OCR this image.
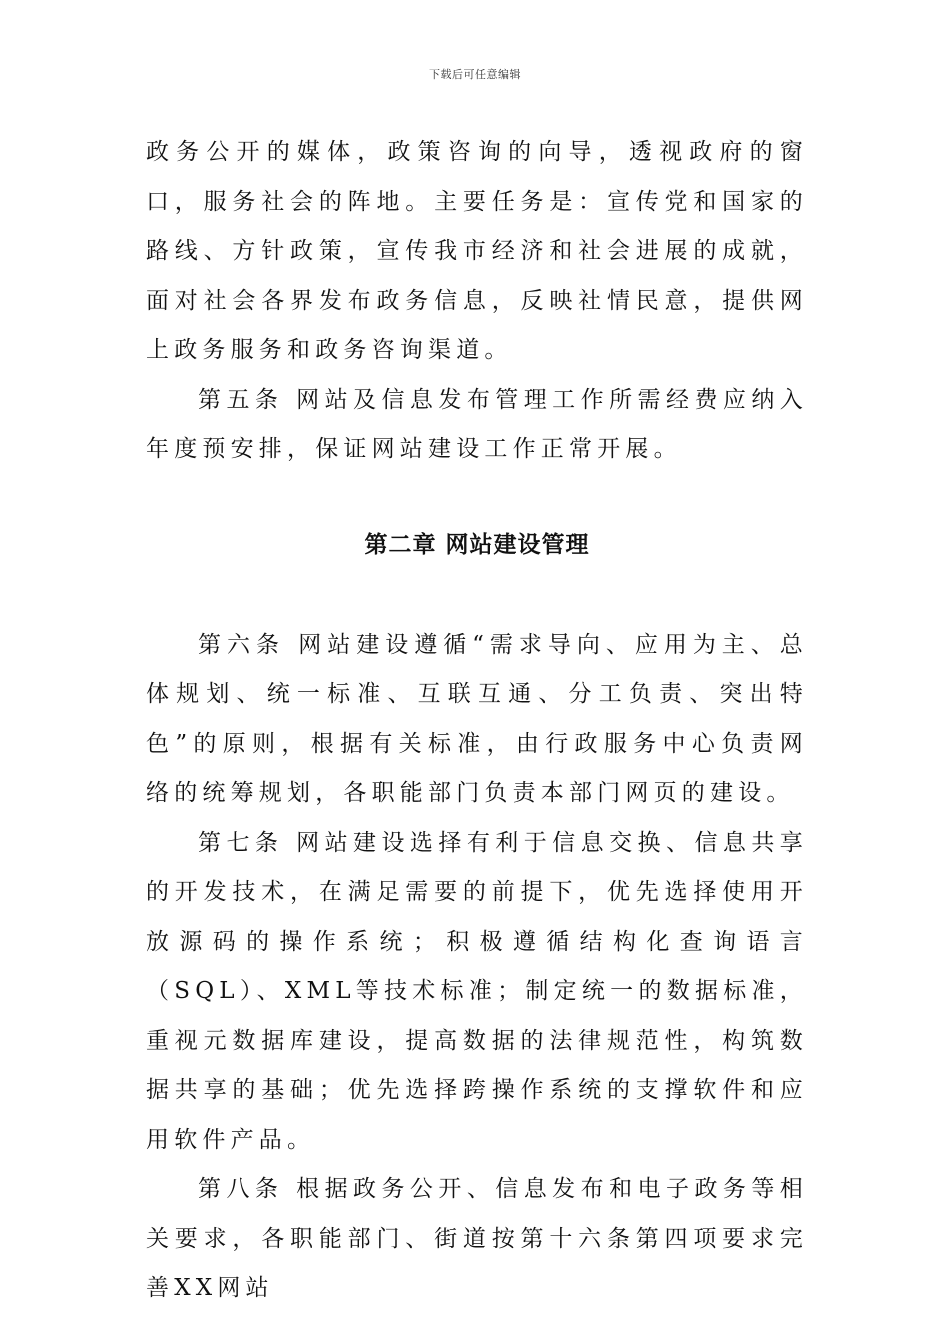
下载后可任意编辑

政务公开的媒体，政策咨询的向导，透视政府的窗口，服务社会的阵地。主要任务是：宣传党和国家的路线、方针政策，宣传我市经济和社会进展的成就，面对社会各界发布政务信息，反映社情民意，提供网上政务服务和政务咨询渠道。

第五条 网站及信息发布管理工作所需经费应纳入年度预安排，保证网站建设工作正常开展。

第二章 网站建设管理

第六条 网站建设遵循“需求导向、应用为主、总体规划、统一标准、互联互通、分工负责、突出特色”的原则，根据有关标准，由行政服务中心负责网络的统筹规划，各职能部门负责本部门网页的建设。

第七条 网站建设选择有利于信息交换、信息共享的开发技术，在满足需要的前提下，优先选择使用开放源码的操作系统；积极遵循结构化查询语言（SQL）、XML等技术标准；制定统一的数据标准，重视元数据库建设，提高数据的法律规范性，构筑数据共享的基础；优先选择跨操作系统的支撑软件和应用软件产品。

第八条 根据政务公开、信息发布和电子政务等相关要求，各职能部门、街道按第十六条第四项要求完善XX网站
